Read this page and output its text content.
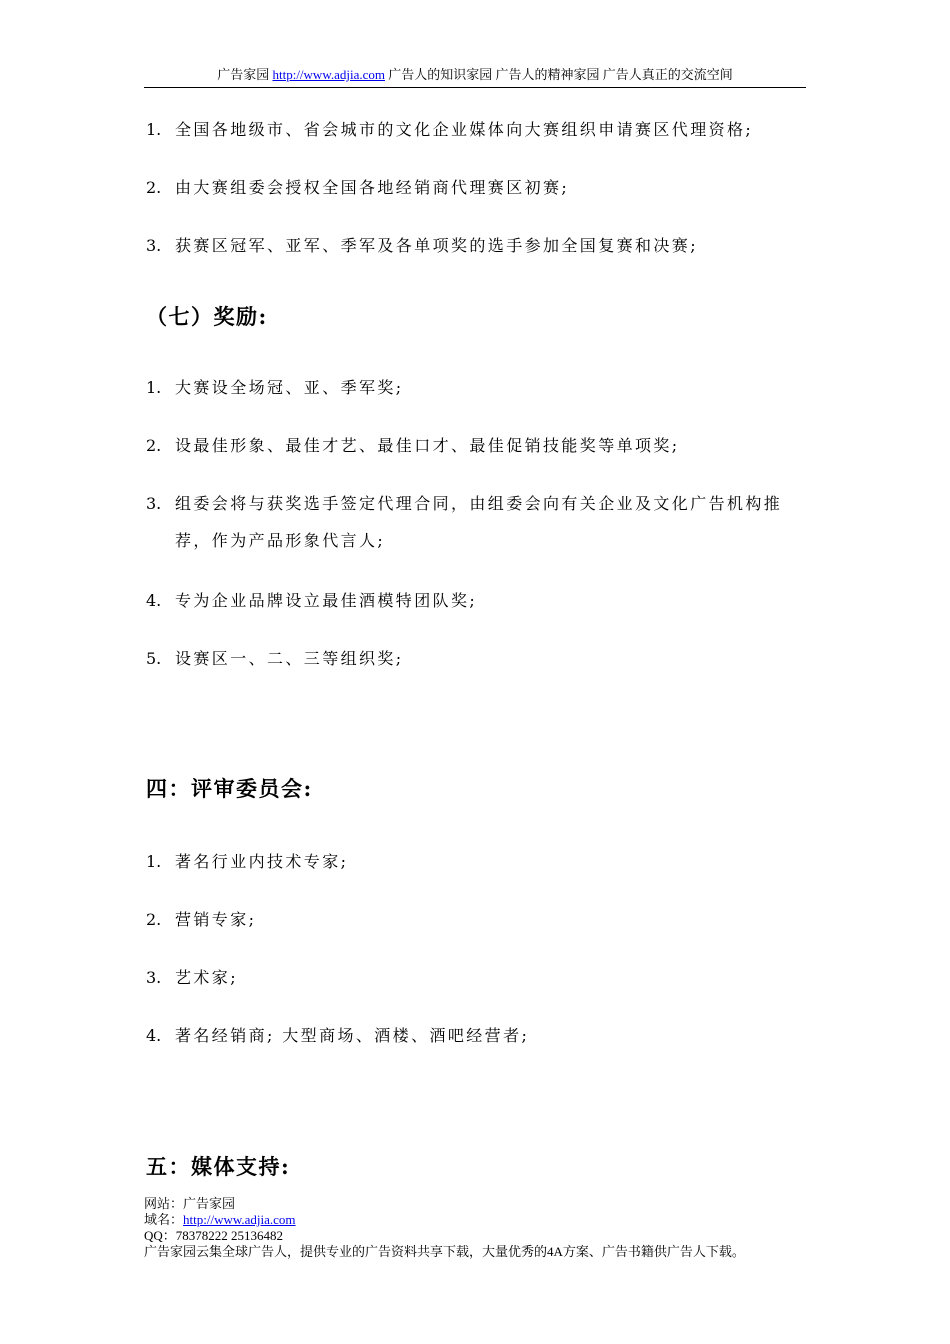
广告家园 http://www.adjia.com 广告人的知识家园 广告人的精神家园 广告人真正的交流空间
1. 全国各地级市、省会城市的文化企业媒体向大赛组织申请赛区代理资格;
2. 由大赛组委会授权全国各地经销商代理赛区初赛;
3. 获赛区冠军、亚军、季军及各单项奖的选手参加全国复赛和决赛;
（七）奖励:
1. 大赛设全场冠、亚、季军奖;
2. 设最佳形象、最佳才艺、最佳口才、最佳促销技能奖等单项奖;
3. 组委会将与获奖选手签定代理合同，由组委会向有关企业及文化广告机构推
荐，作为产品形象代言人;
4. 专为企业品牌设立最佳酒模特团队奖;
5. 设赛区一、二、三等组织奖;
四：评审委员会:
1. 著名行业内技术专家;
2. 营销专家;
3. 艺术家;
4. 著名经销商; 大型商场、酒楼、酒吧经营者;
五：媒体支持:
网站：广告家园
域名：http://www.adjia.com
QQ：78378222 25136482
广告家园云集全球广告人，提供专业的广告资料共享下载，大量优秀的4A方案、广告书籍供广告人下载。
